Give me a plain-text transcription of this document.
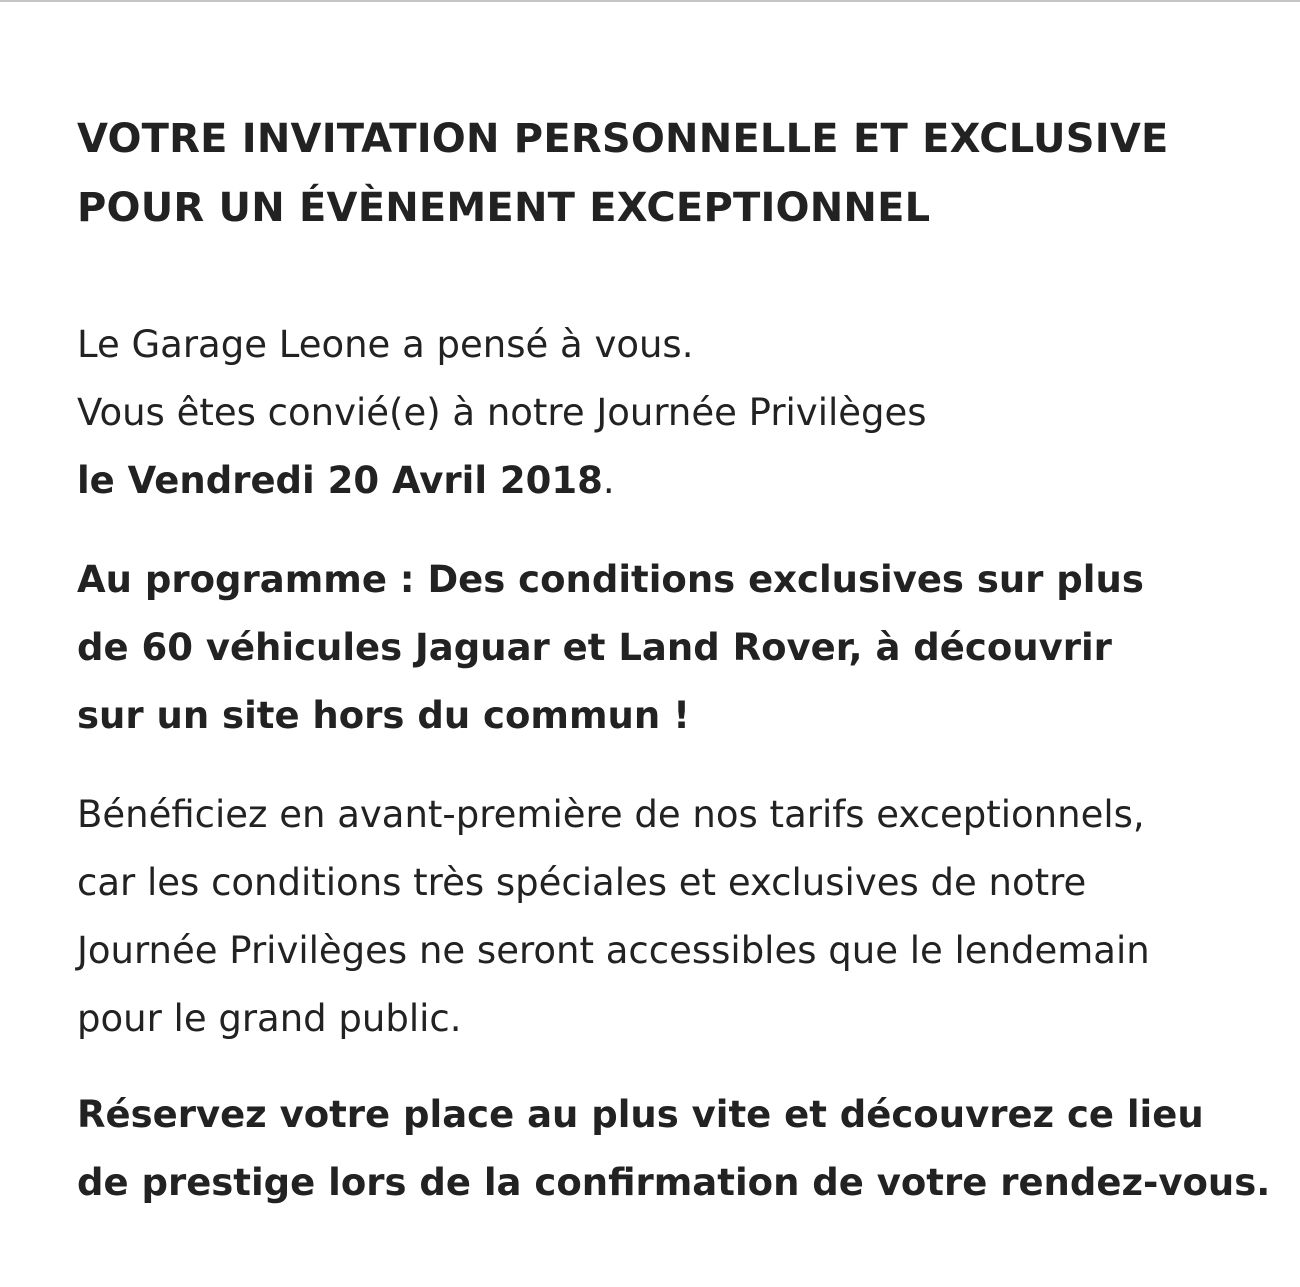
VOTRE INVITATION PERSONNELLE ET EXCLUSIVE
POUR UN ÉVÈNEMENT EXCEPTIONNEL

Le Garage Leone a pensé à vous.
Vous êtes convié(e) à notre Journée Privilèges
le Vendredi 20 Avril 2018.

Au programme : Des conditions exclusives sur plus
de 60 véhicules Jaguar et Land Rover, à découvrir
sur un site hors du commun !

Bénéficiez en avant-première de nos tarifs exceptionnels,
car les conditions très spéciales et exclusives de notre
Journée Privilèges ne seront accessibles que le lendemain
pour le grand public.

Réservez votre place au plus vite et découvrez ce lieu
de prestige lors de la confirmation de votre rendez-vous.
